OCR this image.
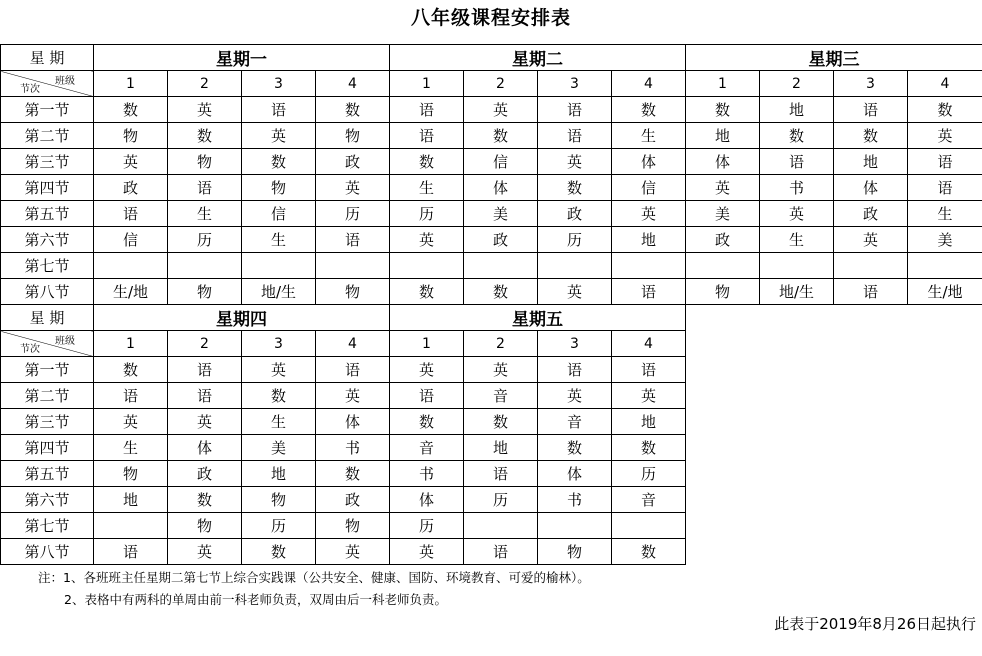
八年级课程安排表
星 期	星期一				星期二				星期三			

班级
节次	1	2	3	4	1	2	3	4	1	2	3	4
第一节	数	英	语	数	语	英	语	数	数	地	语	数
第二节	物	数	英	物	语	数	语	生	地	数	数	英
第三节	英	物	数	政	数	信	英	体	体	语	地	语
第四节	政	语	物	英	生	体	数	信	英	书	体	语
第五节	语	生	信	历	历	美	政	英	美	英	政	生
第六节	信	历	生	语	英	政	历	地	政	生	英	美
第七节												
第八节	生/地	物	地/生	物	数	数	英	语	物	地/生	语	生/地
星 期	星期四				星期五							

班级
节次	1	2	3	4	1	2	3	4				
第一节	数	语	英	语	英	英	语	语				
第二节	语	语	数	英	语	音	英	英				
第三节	英	英	生	体	数	数	音	地				
第四节	生	体	美	书	音	地	数	数				
第五节	物	政	地	数	书	语	体	历				
第六节	地	数	物	政	体	历	书	音				
第七节		物	历	物	历							
第八节	语	英	数	英	英	语	物	数				
注：1、各班班主任星期二第七节上综合实践课（公共安全、健康、国防、环境教育、可爱的榆林）。
2、表格中有两科的单周由前一科老师负责，双周由后一科老师负责。
此表于2019年8月26日起执行
